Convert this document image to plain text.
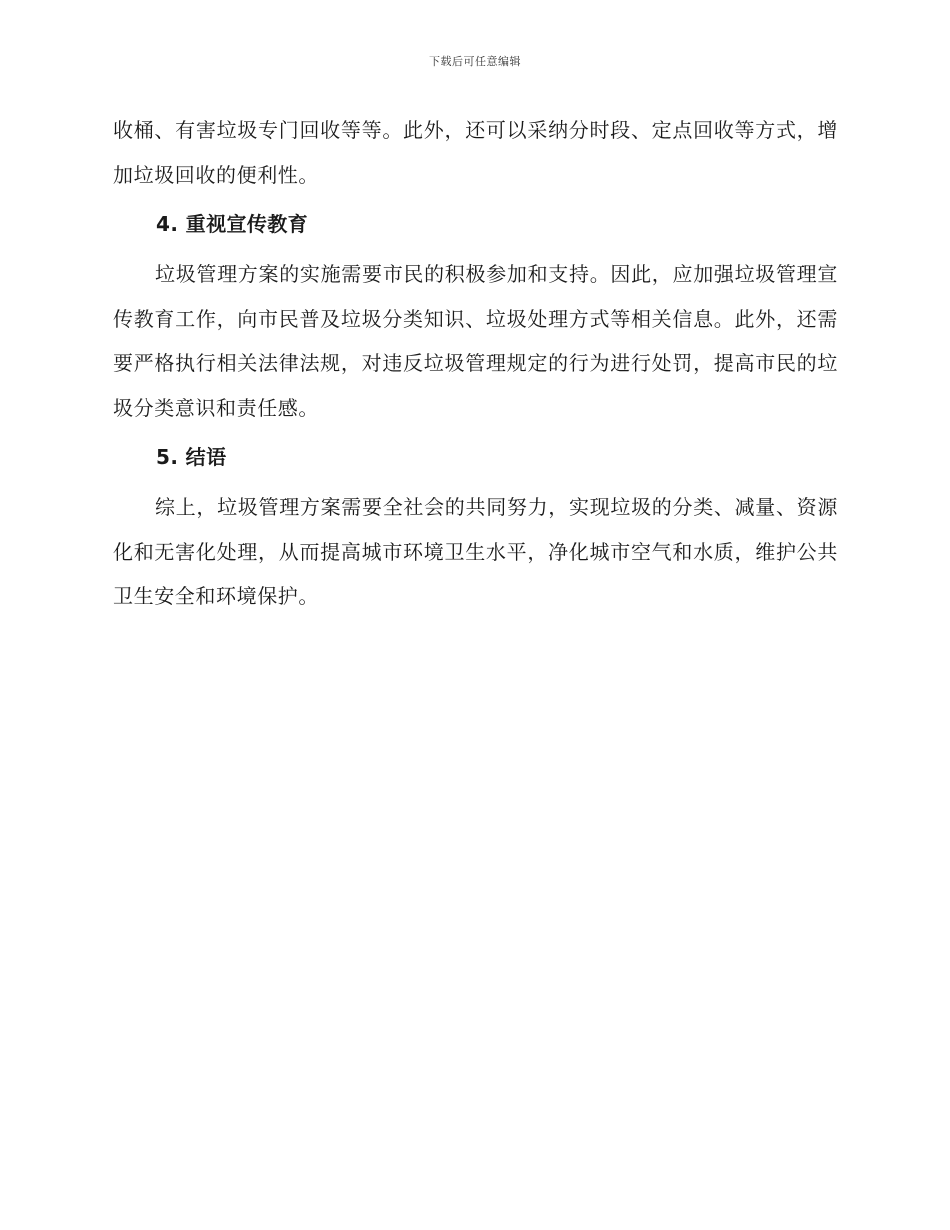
下载后可任意编辑

收桶、有害垃圾专门回收等等。此外，还可以采纳分时段、定点回收等方式，增加垃圾回收的便利性。

4. 重视宣传教育

垃圾管理方案的实施需要市民的积极参加和支持。因此，应加强垃圾管理宣传教育工作，向市民普及垃圾分类知识、垃圾处理方式等相关信息。此外，还需要严格执行相关法律法规，对违反垃圾管理规定的行为进行处罚，提高市民的垃圾分类意识和责任感。

5. 结语

综上，垃圾管理方案需要全社会的共同努力，实现垃圾的分类、减量、资源化和无害化处理，从而提高城市环境卫生水平，净化城市空气和水质，维护公共卫生安全和环境保护。
